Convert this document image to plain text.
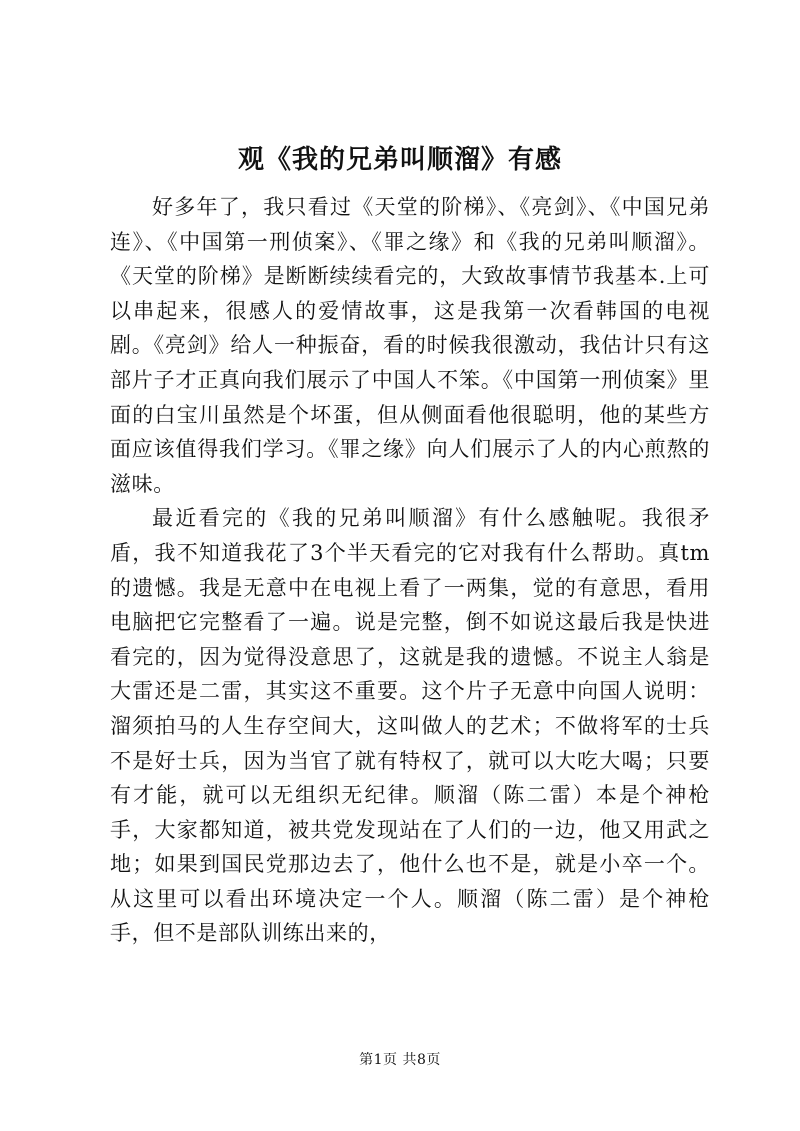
观《我的兄弟叫顺溜》有感

好多年了，我只看过《天堂的阶梯》、《亮剑》、《中国兄弟连》、《中国第一刑侦案》、《罪之缘》和《我的兄弟叫顺溜》。《天堂的阶梯》是断断续续看完的，大致故事情节我基本.上可以串起来，很感人的爱情故事，这是我第一次看韩国的电视剧。《亮剑》给人一种振奋，看的时候我很激动，我估计只有这部片子才正真向我们展示了中国人不笨。《中国第一刑侦案》里面的白宝川虽然是个坏蛋，但从侧面看他很聪明，他的某些方面应该值得我们学习。《罪之缘》向人们展示了人的内心煎熬的滋味。

最近看完的《我的兄弟叫顺溜》有什么感触呢。我很矛盾，我不知道我花了3个半天看完的它对我有什么帮助。真tm的遗憾。我是无意中在电视上看了一两集，觉的有意思，看用电脑把它完整看了一遍。说是完整，倒不如说这最后我是快进看完的，因为觉得没意思了，这就是我的遗憾。不说主人翁是大雷还是二雷，其实这不重要。这个片子无意中向国人说明：溜须拍马的人生存空间大，这叫做人的艺术；不做将军的士兵不是好士兵，因为当官了就有特权了，就可以大吃大喝；只要有才能，就可以无组织无纪律。顺溜（陈二雷）本是个神枪手，大家都知道，被共党发现站在了人们的一边，他又用武之地；如果到国民党那边去了，他什么也不是，就是小卒一个。从这里可以看出环境决定一个人。顺溜（陈二雷）是个神枪手，但不是部队训练出来的，

第1页 共8页
